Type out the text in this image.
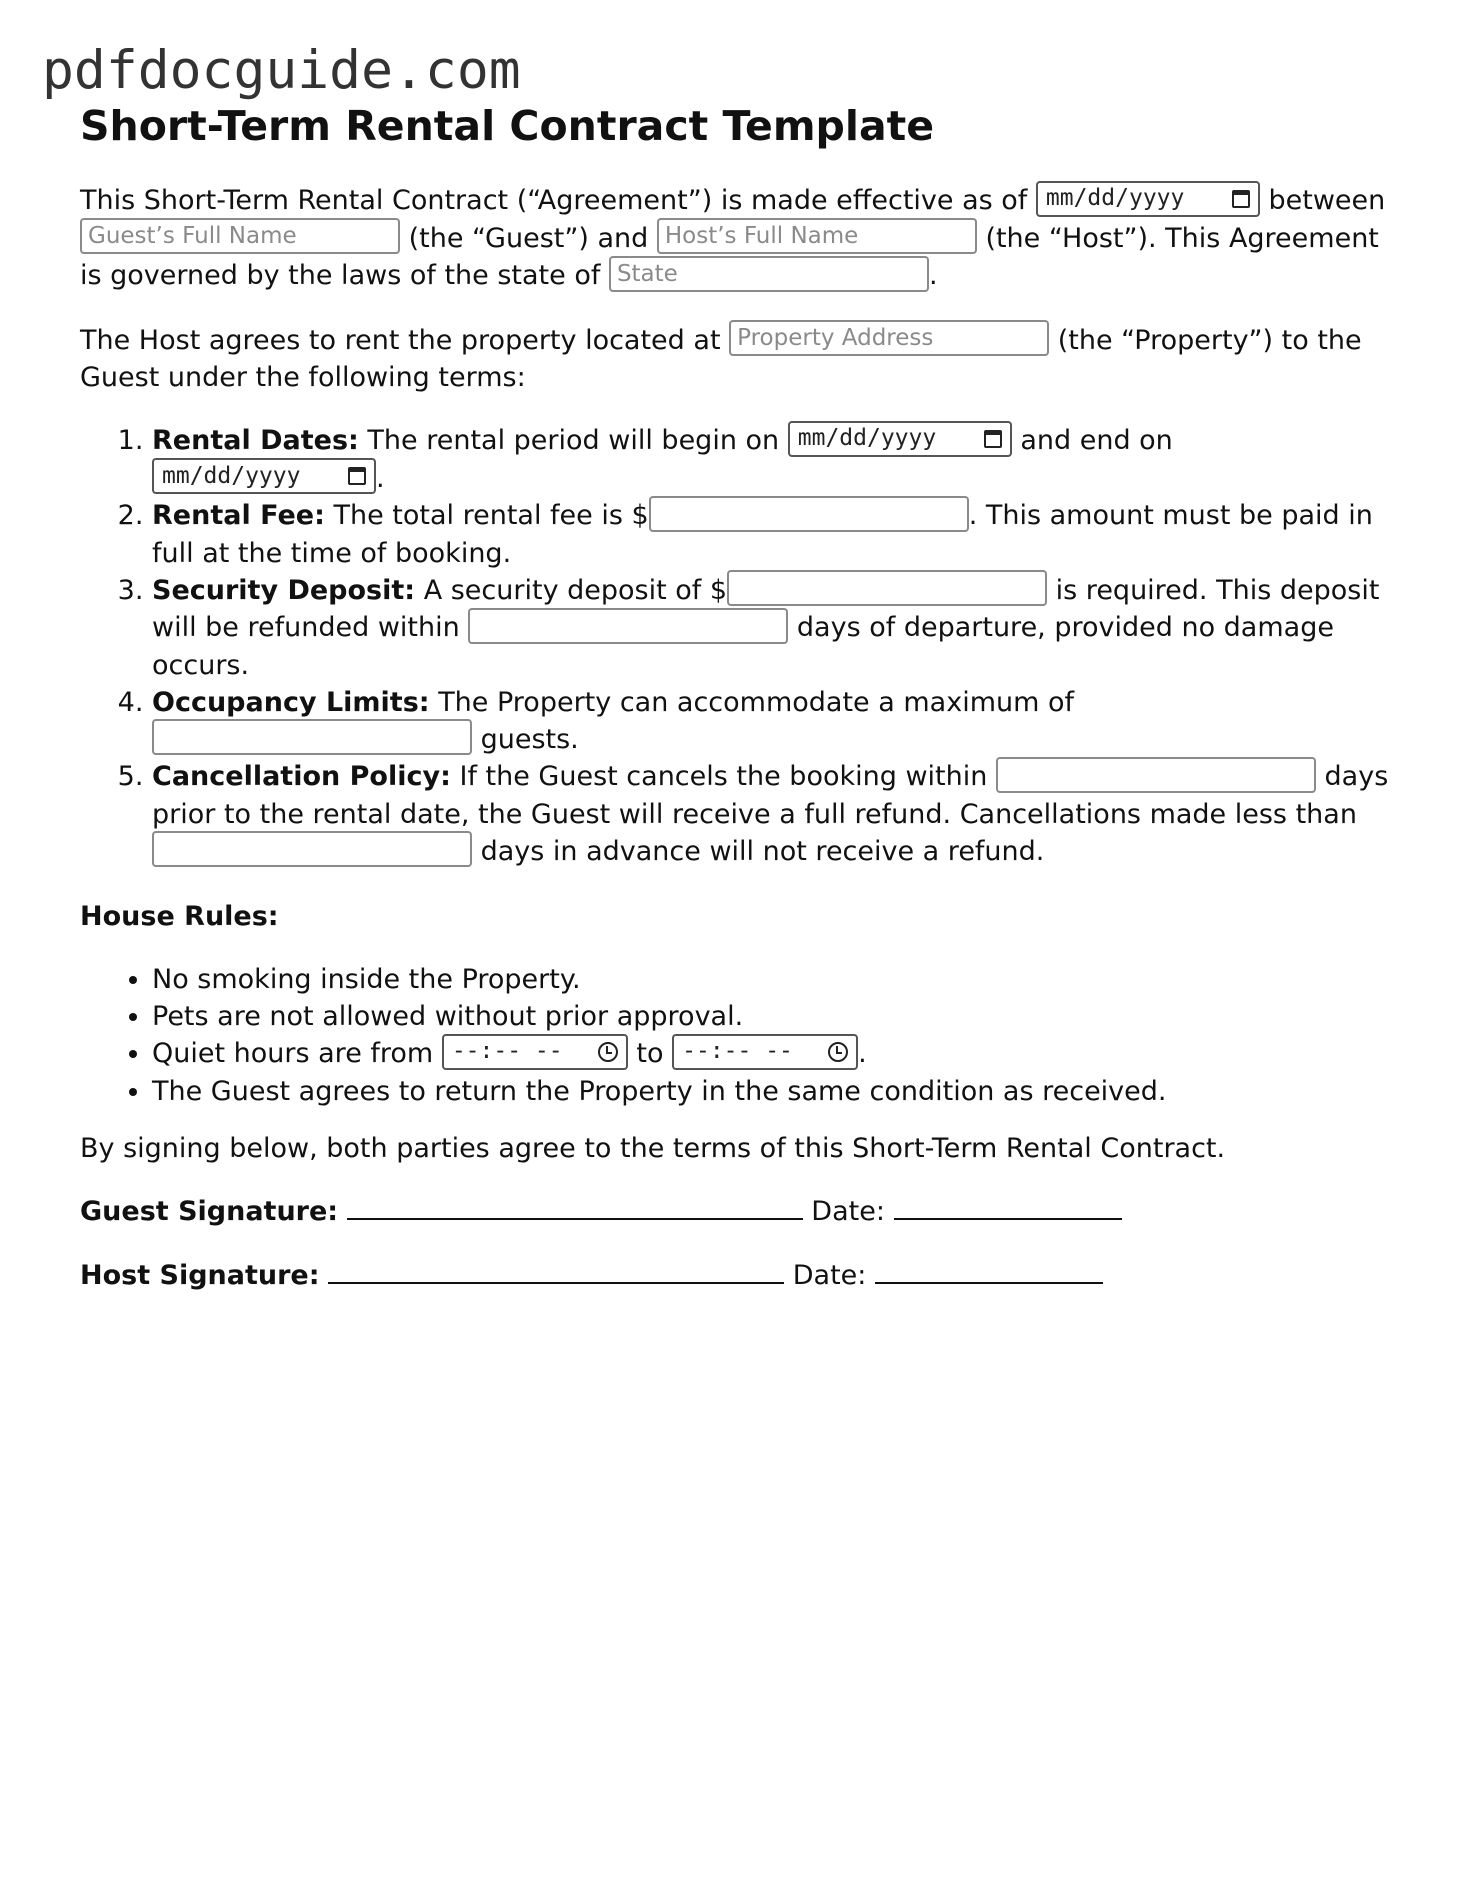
pdfdocguide.com
Short-Term Rental Contract Template

This Short-Term Rental Contract (“Agreement”) is made effective as of mm/dd/yyyy	between Guest’s Full Name	(the “Guest”) and Host’s Full Name	(the “Host”). This Agreement is governed by the laws of the state of State	.

The Host agrees to rent the property located at Property Address	(the “Property”) to the Guest under the following terms:

1. Rental Dates: The rental period will begin on mm/dd/yyyy	and end on
mm/dd/yyyy	.
2. Rental Fee: The total rental fee is $	. This amount must be paid in full at the time of booking.
3. Security Deposit: A security deposit of $	is required. This deposit will be refunded within	days of departure, provided no damage occurs.
4. Occupancy Limits: The Property can accommodate a maximum of  guests.
5. Cancellation Policy: If the Guest cancels the booking within	days prior to the rental date, the Guest will receive a full refund. Cancellations made less than  days in advance will not receive a refund.

House Rules:

• No smoking inside the Property.
• Pets are not allowed without prior approval.
• Quiet hours are from --:-- --	to --:-- -- .
• The Guest agrees to return the Property in the same condition as received.

By signing below, both parties agree to the terms of this Short-Term Rental Contract.

Guest Signature:	Date:

Host Signature:	Date:
